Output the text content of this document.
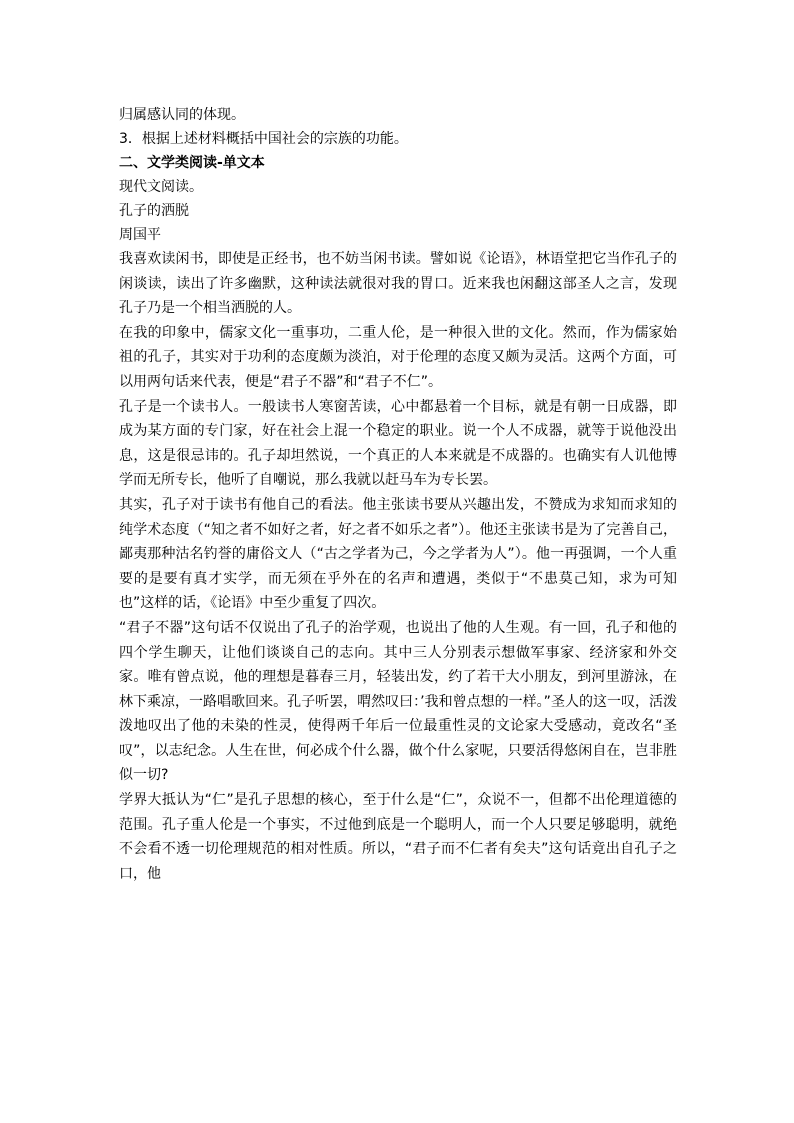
归属感认同的体现。

3．根据上述材料概括中国社会的宗族的功能。

二、文学类阅读-单文本

现代文阅读。

孔子的洒脱

周国平

我喜欢读闲书，即使是正经书，也不妨当闲书读。譬如说《论语》，林语堂把它当作孔子的闲谈读，读出了许多幽默，这种读法就很对我的胃口。近来我也闲翻这部圣人之言，发现孔子乃是一个相当洒脱的人。

在我的印象中，儒家文化一重事功，二重人伦，是一种很入世的文化。然而，作为儒家始祖的孔子，其实对于功利的态度颇为淡泊，对于伦理的态度又颇为灵活。这两个方面，可以用两句话来代表，便是“君子不器”和“君子不仁”。

孔子是一个读书人。一般读书人寒窗苦读，心中都悬着一个目标，就是有朝一日成器，即成为某方面的专门家，好在社会上混一个稳定的职业。说一个人不成器，就等于说他没出息，这是很忌讳的。孔子却坦然说，一个真正的人本来就是不成器的。也确实有人讥他博学而无所专长，他听了自嘲说，那么我就以赶马车为专长罢。

其实，孔子对于读书有他自己的看法。他主张读书要从兴趣出发，不赞成为求知而求知的纯学术态度（“知之者不如好之者，好之者不如乐之者”）。他还主张读书是为了完善自己，鄙夷那种沽名钓誉的庸俗文人（“古之学者为己，今之学者为人”）。他一再强调，一个人重要的是要有真才实学，而无须在乎外在的名声和遭遇，类似于“不患莫己知，求为可知也”这样的话，《论语》中至少重复了四次。

“君子不器”这句话不仅说出了孔子的治学观，也说出了他的人生观。有一回，孔子和他的四个学生聊天，让他们谈谈自己的志向。其中三人分别表示想做军事家、经济家和外交家。唯有曾点说，他的理想是暮春三月，轻装出发，约了若干大小朋友，到河里游泳，在林下乘凉，一路唱歌回来。孔子听罢，喟然叹曰：’我和曾点想的一样。”圣人的这一叹，活泼泼地叹出了他的未染的性灵，使得两千年后一位最重性灵的文论家大受感动，竟改名“圣叹”，以志纪念。人生在世，何必成个什么器，做个什么家呢，只要活得悠闲自在，岂非胜似一切?

学界大抵认为“仁”是孔子思想的核心，至于什么是“仁”，众说不一，但都不出伦理道德的范围。孔子重人伦是一个事实，不过他到底是一个聪明人，而一个人只要足够聪明，就绝不会看不透一切伦理规范的相对性质。所以，“君子而不仁者有矣夫”这句话竟出自孔子之口，他
